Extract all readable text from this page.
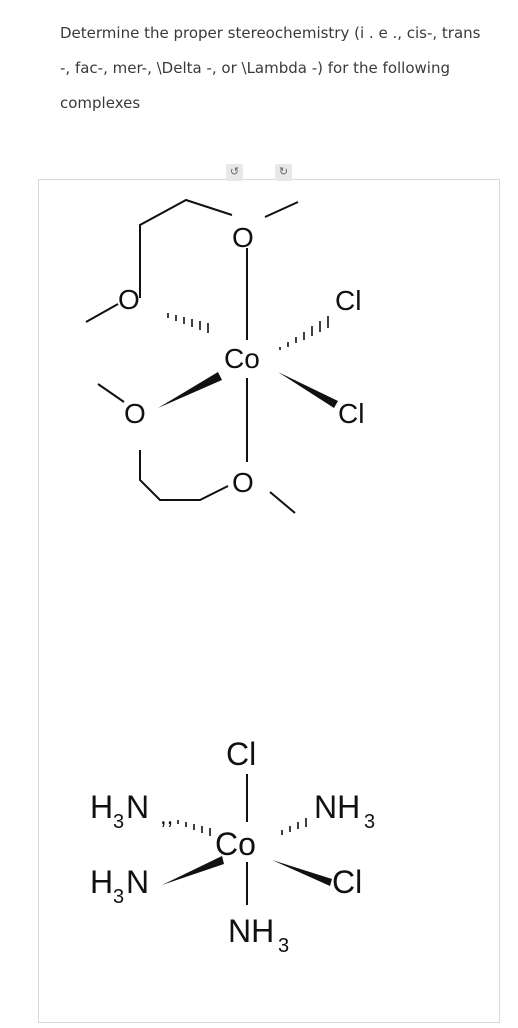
Determine the proper stereochemistry (i . e ., cis-, trans
-, fac-, mer-, \Delta -, or \Lambda -) for the following
complexes
↺	↻
O
O
Co
Cl
O	Cl
O
Cl
H 3 N ,,
Co
NH 3
H 3 N	Cl
NH 3
